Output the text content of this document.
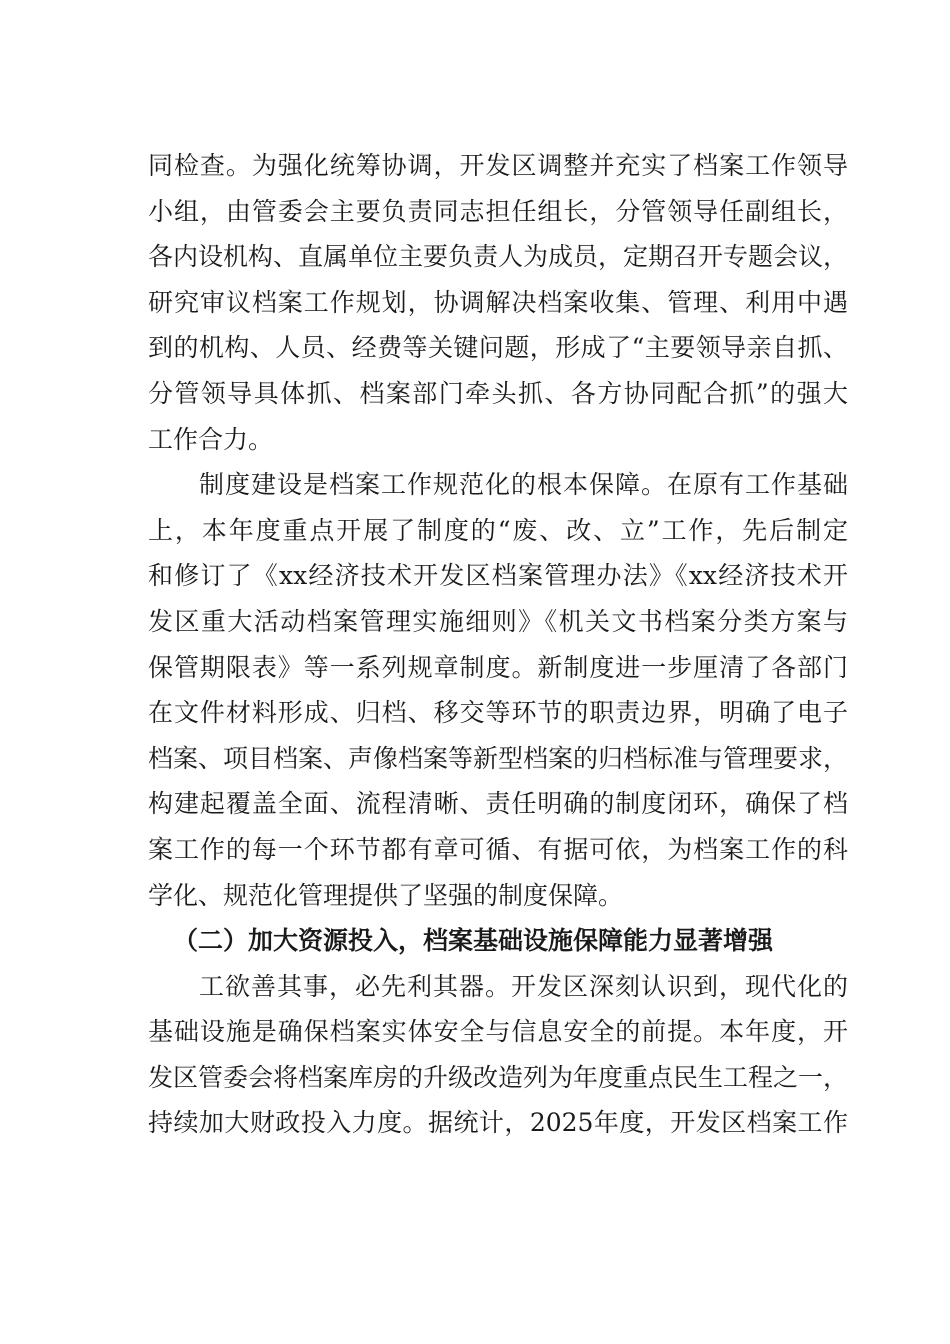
同检查。为强化统筹协调，开发区调整并充实了档案工作领导
小组，由管委会主要负责同志担任组长，分管领导任副组长，
各内设机构、直属单位主要负责人为成员，定期召开专题会议，
研究审议档案工作规划，协调解决档案收集、管理、利用中遇
到的机构、人员、经费等关键问题，形成了“主要领导亲自抓、
分管领导具体抓、档案部门牵头抓、各方协同配合抓”的强大
工作合力。
制度建设是档案工作规范化的根本保障。在原有工作基础
上，本年度重点开展了制度的“废、改、立”工作，先后制定
和修订了《xx经济技术开发区档案管理办法》《xx经济技术开
发区重大活动档案管理实施细则》《机关文书档案分类方案与
保管期限表》等一系列规章制度。新制度进一步厘清了各部门
在文件材料形成、归档、移交等环节的职责边界，明确了电子
档案、项目档案、声像档案等新型档案的归档标准与管理要求，
构建起覆盖全面、流程清晰、责任明确的制度闭环，确保了档
案工作的每一个环节都有章可循、有据可依，为档案工作的科
学化、规范化管理提供了坚强的制度保障。
（二）加大资源投入，档案基础设施保障能力显著增强
工欲善其事，必先利其器。开发区深刻认识到，现代化的
基础设施是确保档案实体安全与信息安全的前提。本年度，开
发区管委会将档案库房的升级改造列为年度重点民生工程之一，
持续加大财政投入力度。据统计，2025年度，开发区档案工作
